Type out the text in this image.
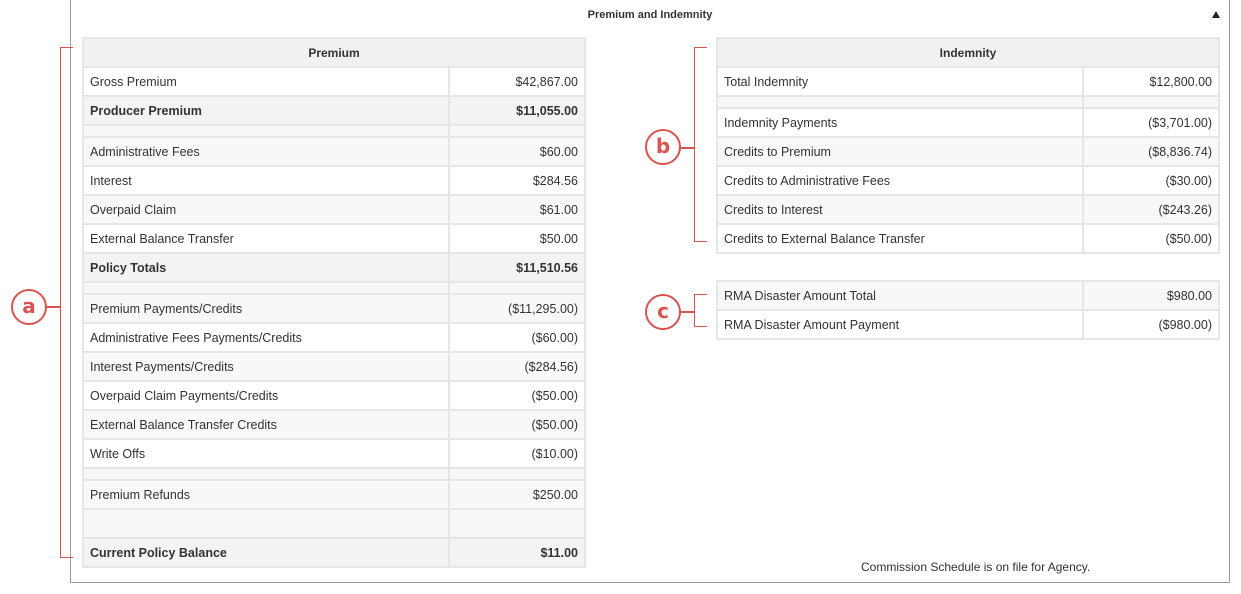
Premium and Indemnity
Premium	
Gross Premium	$42,867.00
Producer Premium	$11,055.00

Administrative Fees	$60.00
Interest	$284.56
Overpaid Claim	$61.00
External Balance Transfer	$50.00
Policy Totals	$11,510.56

Premium Payments/Credits	($11,295.00)
Administrative Fees Payments/Credits	($60.00)
Interest Payments/Credits	($284.56)
Overpaid Claim Payments/Credits	($50.00)
External Balance Transfer Credits	($50.00)
Write Offs	($10.00)

Premium Refunds	$250.00

Current Policy Balance	$11.00
Indemnity	
Total Indemnity	$12,800.00

Indemnity Payments	($3,701.00)
Credits to Premium	($8,836.74)
Credits to Administrative Fees	($30.00)
Credits to Interest	($243.26)
Credits to External Balance Transfer	($50.00)
RMA Disaster Amount Total	$980.00
RMA Disaster Amount Payment	($980.00)
a
b
c
Commission Schedule is on file for Agency.
